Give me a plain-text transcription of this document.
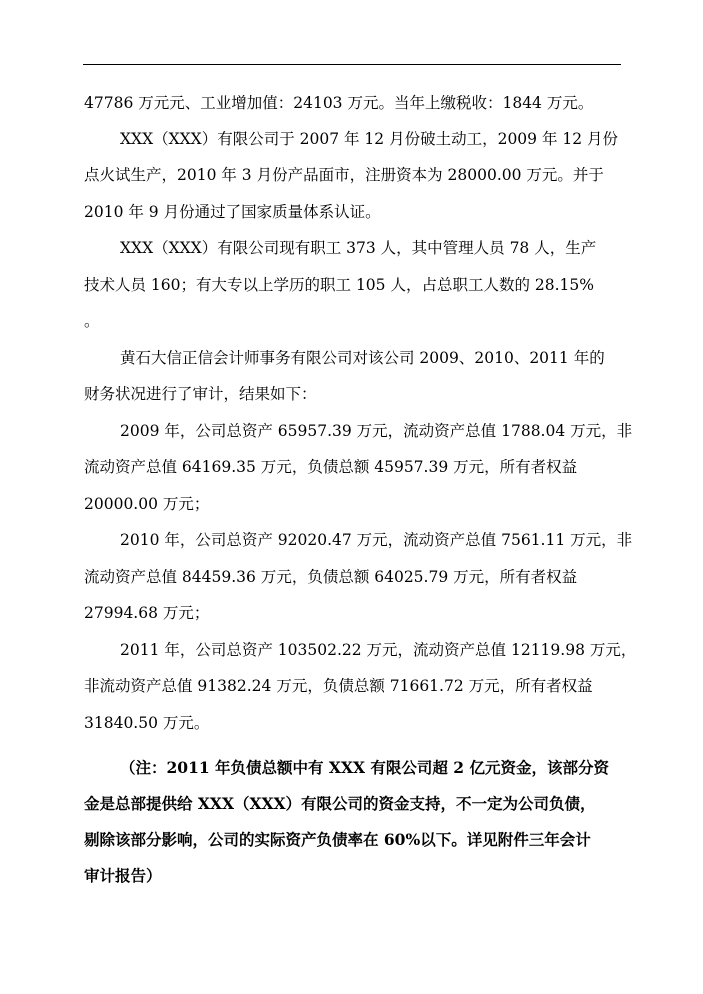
47786 万元元、工业增加值：24103 万元。当年上缴税收：1844 万元。
XXX（XXX）有限公司于 2007 年 12 月份破土动工，2009 年 12 月份
点火试生产，2010 年 3 月份产品面市，注册资本为 28000.00 万元。并于
2010 年 9 月份通过了国家质量体系认证。
XXX（XXX）有限公司现有职工 373 人，其中管理人员 78 人，生产
技术人员 160；有大专以上学历的职工 105 人，占总职工人数的 28.15%
。
黄石大信正信会计师事务有限公司对该公司 2009、2010、2011 年的
财务状况进行了审计，结果如下：
2009 年，公司总资产 65957.39 万元，流动资产总值 1788.04 万元，非
流动资产总值 64169.35 万元，负债总额 45957.39 万元，所有者权益
20000.00 万元；
2010 年，公司总资产 92020.47 万元，流动资产总值 7561.11 万元，非
流动资产总值 84459.36 万元，负债总额 64025.79 万元，所有者权益
27994.68 万元；
2011 年，公司总资产 103502.22 万元，流动资产总值 12119.98 万元，
非流动资产总值 91382.24 万元，负债总额 71661.72 万元，所有者权益
31840.50 万元。
（注：2011 年负债总额中有 XXX 有限公司超 2 亿元资金，该部分资
金是总部提供给 XXX（XXX）有限公司的资金支持，不一定为公司负债，
剔除该部分影响，公司的实际资产负债率在 60%以下。详见附件三年会计
审计报告）
